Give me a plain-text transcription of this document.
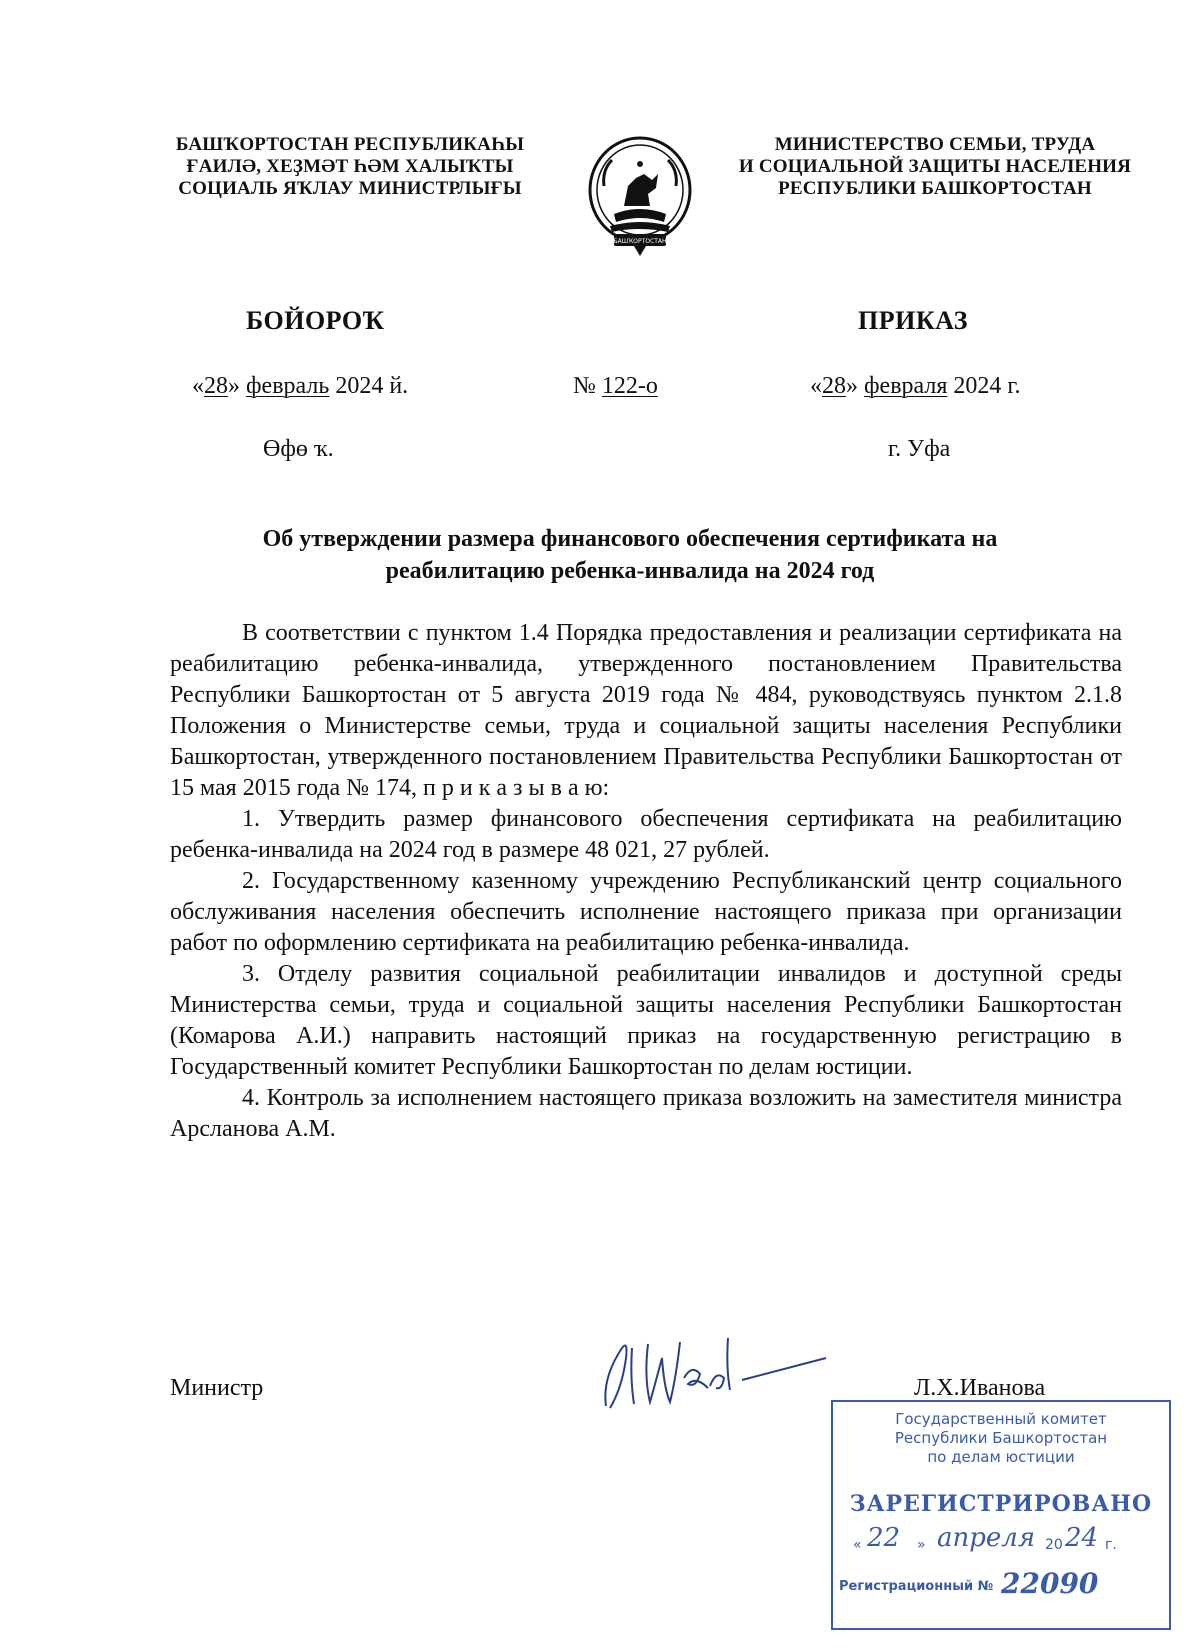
БАШҠОРТОСТАН РЕСПУБЛИКАҺЫ
ҒАИЛӘ, ХЕҘМӘТ ҺӘМ ХАЛЫҠТЫ
СОЦИАЛЬ ЯҠЛАУ МИНИСТРЛЫҒЫ
БАШҠОРТОСТАН
МИНИСТЕРСТВО СЕМЬИ, ТРУДА
И СОЦИАЛЬНОЙ ЗАЩИТЫ НАСЕЛЕНИЯ
РЕСПУБЛИКИ БАШКОРТОСТАН
БОЙОРОҠ	ПРИКАЗ
«28» февраль 2024 й.	№ 122-о	«28» февраля 2024 г.
Өфө ҡ.	г. Уфа
Об утверждении размера финансового обеспечения сертификата на
реабилитацию ребенка-инвалида на 2024 год

В соответствии с пунктом 1.4 Порядка предоставления и реализации сертификата на реабилитацию ребенка-инвалида, утвержденного постановлением Правительства Республики Башкортостан от 5 августа 2019 года № 484, руководствуясь пунктом 2.1.8 Положения о Министерстве семьи, труда и социальной защиты населения Республики Башкортостан, утвержденного постановлением Правительства Республики Башкортостан от 15 мая 2015 года № 174, п р и к а з ы в а ю:

1. Утвердить размер финансового обеспечения сертификата на реабилитацию ребенка-инвалида на 2024 год в размере 48 021, 27 рублей.

2. Государственному казенному учреждению Республиканский центр социального обслуживания населения обеспечить исполнение настоящего приказа при организации работ по оформлению сертификата на реабилитацию ребенка-инвалида.

3. Отделу развития социальной реабилитации инвалидов и доступной среды Министерства семьи, труда и социальной защиты населения Республики Башкортостан (Комарова А.И.) направить настоящий приказ на государственную регистрацию в Государственный комитет Республики Башкортостан по делам юстиции.

4. Контроль за исполнением настоящего приказа возложить на заместителя министра Арсланова А.М.

Министр	Л.Х.Иванова
Государственный комитет
Республики Башкортостан
по делам юстиции
ЗАРЕГИСТРИРОВАНО
« 22 » апреля 20 24 г.
Регистрационный № 22090
